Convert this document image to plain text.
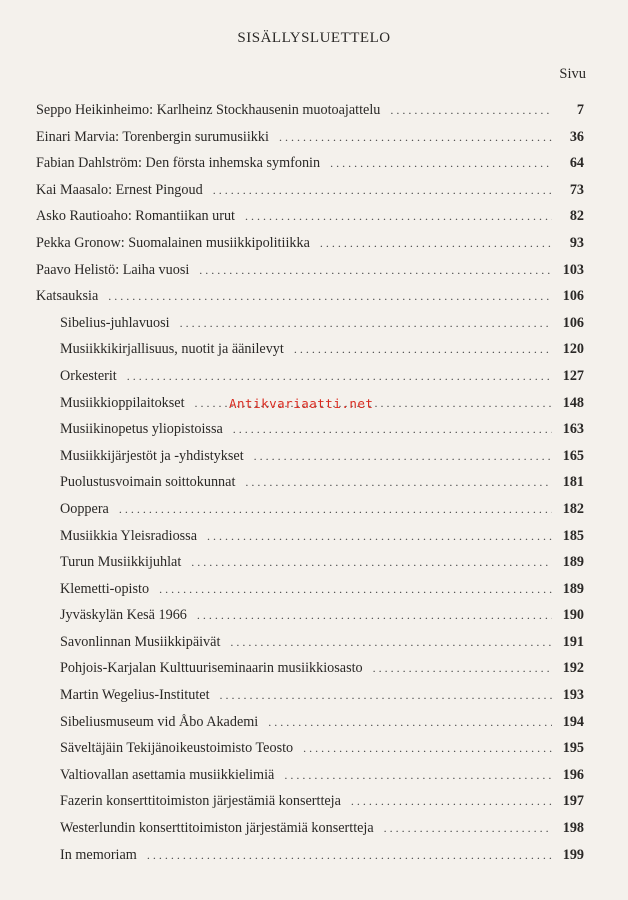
SISÄLLYSLUETTELO
Sivu
Seppo Heikinheimo: Karlheinz Stockhausenin muotoajattelu . . .	7
Einari Marvia: Torenbergin surumusiikki . . .	36
Fabian Dahlström: Den första inhemska symfonin . . .	64
Kai Maasalo: Ernest Pingoud . . .	73
Asko Rautioaho: Romantiikan urut . . .	82
Pekka Gronow: Suomalainen musiikkipolitiikka . . .	93
Paavo Helistö: Laiha vuosi . . .	103
Katsauksia . . .	106
Sibelius-juhlavuosi . . .	106
Musiikkikirjallisuus, nuotit ja äänilevyt . . .	120
Orkesterit . . .	127
Musiikkioppilaitokset . . .	148
Musiikinopetus yliopistoissa . . .	163
Musiikkijärjestöt ja -yhdistykset . . .	165
Puolustusvoimain soittokunnat . . .	181
Ooppera . . .	182
Musiikkia Yleisradiossa . . .	185
Turun Musiikkijuhlat . . .	189
Klemetti-opisto . . .	189
Jyväskylän Kesä 1966 . . .	190
Savonlinnan Musiikkipäivät . . .	191
Pohjois-Karjalan Kulttuuriseminaarin musiikkiosasto . . .	192
Martin Wegelius-Institutet . . .	193
Sibeliusmuseum vid Åbo Akademi . . .	194
Säveltäjäin Tekijänoikeustoimisto Teosto . . .	195
Valtiovallan asettamia musiikkielimiä . . .	196
Fazerin konserttitoimiston järjestämiä konsertteja . . .	197
Westerlundin konserttitoimiston järjestämiä konsertteja . . .	198
In memoriam . . .	199
Antikvariaatti.net
